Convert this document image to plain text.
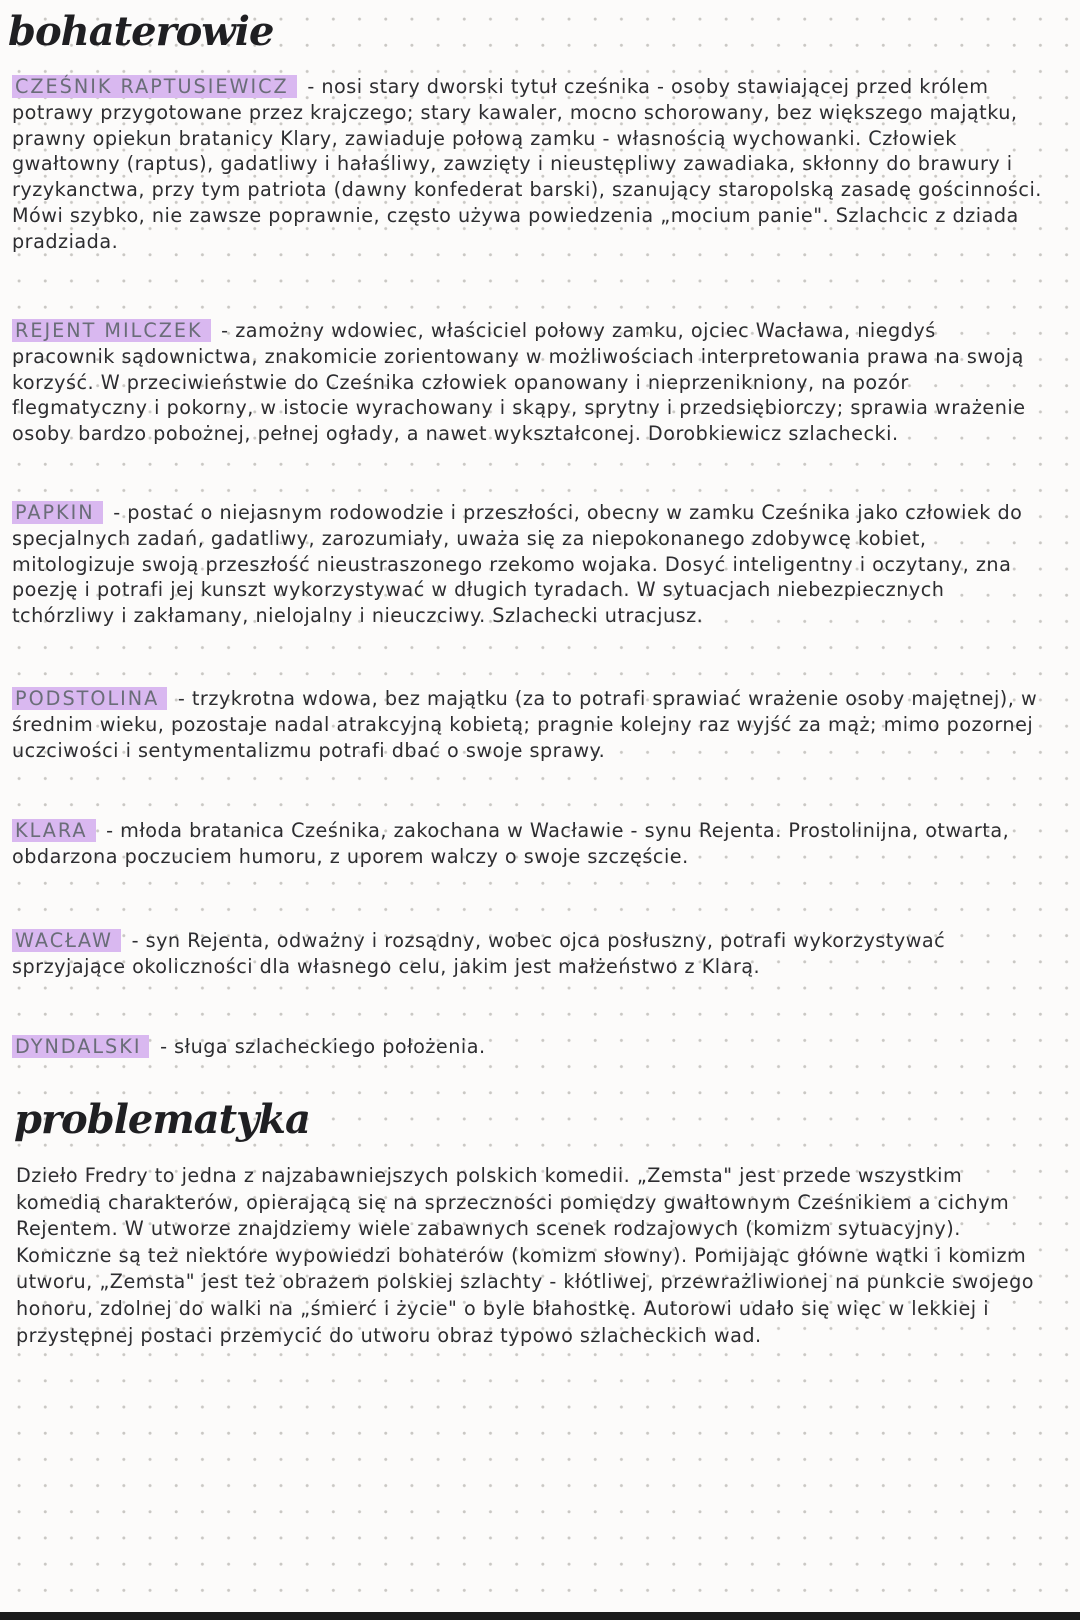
bohaterowie

CZEŚNIK RAPTUSIEWICZ - nosi stary dworski tytuł cześnika - osoby stawiającej przed królem potrawy przygotowane przez krajczego; stary kawaler, mocno schorowany, bez większego majątku, prawny opiekun bratanicy Klary, zawiaduje połową zamku - własnością wychowanki. Człowiek gwałtowny (raptus), gadatliwy i hałaśliwy, zawzięty i nieustępliwy zawadiaka, skłonny do brawury i ryzykanctwa, przy tym patriota (dawny konfederat barski), szanujący staropolską zasadę gościnności. Mówi szybko, nie zawsze poprawnie, często używa powiedzenia „mocium panie". Szlachcic z dziada pradziada.

REJENT MILCZEK - zamożny wdowiec, właściciel połowy zamku, ojciec Wacława, niegdyś pracownik sądownictwa, znakomicie zorientowany w możliwościach interpretowania prawa na swoją korzyść. W przeciwieństwie do Cześnika człowiek opanowany i nieprzenikniony, na pozór flegmatyczny i pokorny, w istocie wyrachowany i skąpy, sprytny i przedsiębiorczy; sprawia wrażenie osoby bardzo pobożnej, pełnej ogłady, a nawet wykształconej. Dorobkiewicz szlachecki.

PAPKIN - postać o niejasnym rodowodzie i przeszłości, obecny w zamku Cześnika jako człowiek do specjalnych zadań, gadatliwy, zarozumiały, uważa się za niepokonanego zdobywcę kobiet, mitologizuje swoją przeszłość nieustraszonego rzekomo wojaka. Dosyć inteligentny i oczytany, zna poezję i potrafi jej kunszt wykorzystywać w długich tyradach. W sytuacjach niebezpiecznych tchórzliwy i zakłamany, nielojalny i nieuczciwy. Szlachecki utracjusz.

PODSTOLINA - trzykrotna wdowa, bez majątku (za to potrafi sprawiać wrażenie osoby majętnej), w średnim wieku, pozostaje nadal atrakcyjną kobietą; pragnie kolejny raz wyjść za mąż; mimo pozornej uczciwości i sentymentalizmu potrafi dbać o swoje sprawy.

KLARA - młoda bratanica Cześnika, zakochana w Wacławie - synu Rejenta. Prostolinijna, otwarta, obdarzona poczuciem humoru, z uporem walczy o swoje szczęście.

WACŁAW - syn Rejenta, odważny i rozsądny, wobec ojca posłuszny, potrafi wykorzystywać sprzyjające okoliczności dla własnego celu, jakim jest małżeństwo z Klarą.

DYNDALSKI - sługa szlacheckiego położenia.

problematyka

Dzieło Fredry to jedna z najzabawniejszych polskich komedii. „Zemsta" jest przede wszystkim komedią charakterów, opierającą się na sprzeczności pomiędzy gwałtownym Cześnikiem a cichym Rejentem. W utworze znajdziemy wiele zabawnych scenek rodzajowych (komizm sytuacyjny). Komiczne są też niektóre wypowiedzi bohaterów (komizm słowny). Pomijając główne wątki i komizm utworu, „Zemsta" jest też obrazem polskiej szlachty - kłótliwej, przewrażliwionej na punkcie swojego honoru, zdolnej do walki na „śmierć i życie" o byle błahostkę. Autorowi udało się więc w lekkiej i przystępnej postaci przemycić do utworu obraz typowo szlacheckich wad.
